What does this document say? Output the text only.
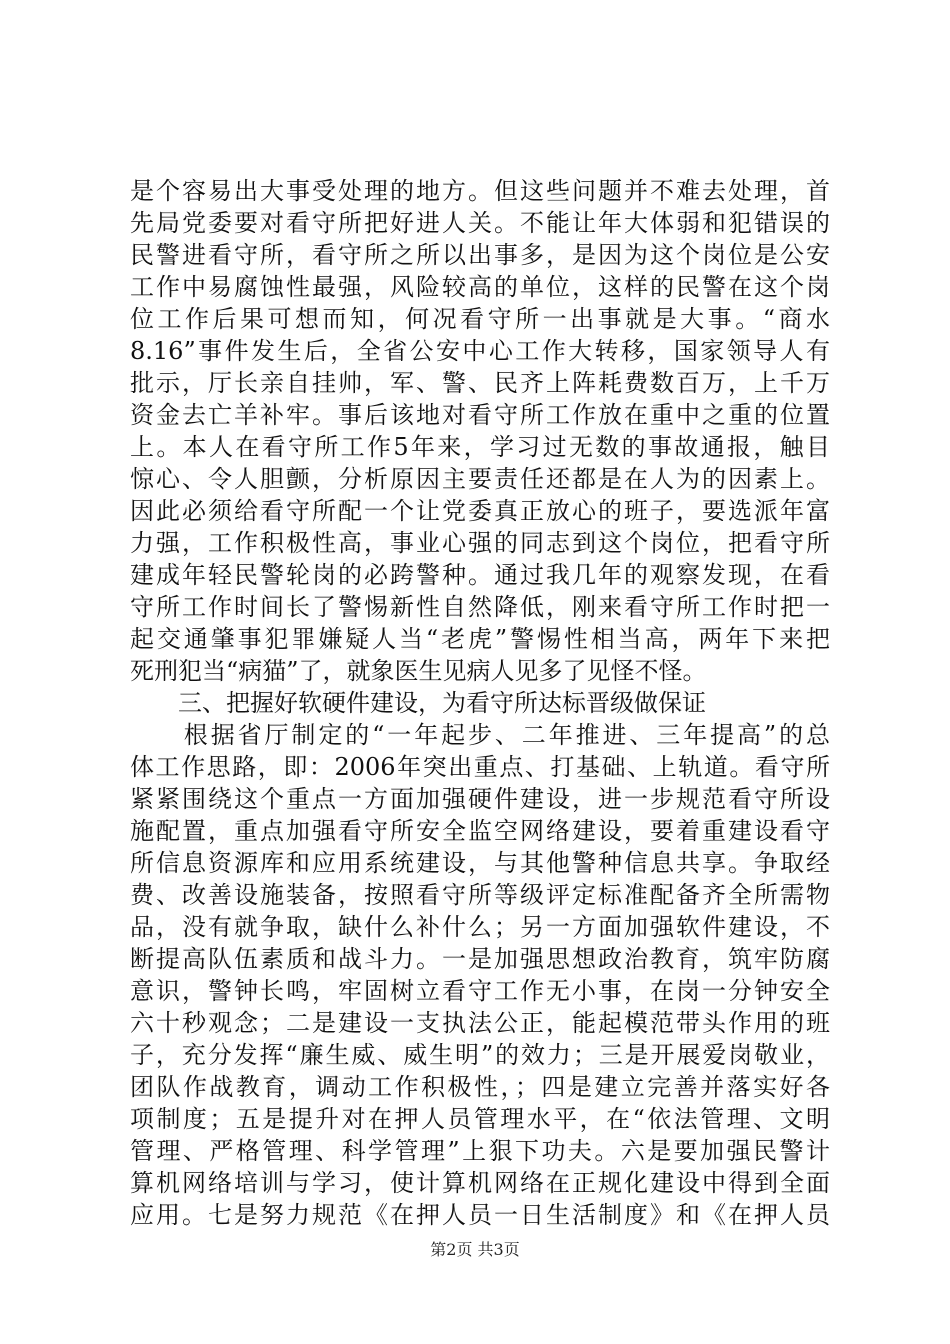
是个容易出大事受处理的地方。但这些问题并不难去处理，首
先局党委要对看守所把好进人关。不能让年大体弱和犯错误的
民警进看守所，看守所之所以出事多，是因为这个岗位是公安
工作中易腐蚀性最强，风险较高的单位，这样的民警在这个岗
位工作后果可想而知，何况看守所一出事就是大事。“商水
8.16”事件发生后，全省公安中心工作大转移，国家领导人有
批示，厅长亲自挂帅，军、警、民齐上阵耗费数百万，上千万
资金去亡羊补牢。事后该地对看守所工作放在重中之重的位置
上。本人在看守所工作5年来，学习过无数的事故通报，触目
惊心、令人胆颤，分析原因主要责任还都是在人为的因素上。
因此必须给看守所配一个让党委真正放心的班子，要选派年富
力强，工作积极性高，事业心强的同志到这个岗位，把看守所
建成年轻民警轮岗的必跨警种。通过我几年的观察发现，在看
守所工作时间长了警惕新性自然降低，刚来看守所工作时把一
起交通肇事犯罪嫌疑人当“老虎”警惕性相当高，两年下来把
死刑犯当“病猫”了，就象医生见病人见多了见怪不怪。
　　三、把握好软硬件建设，为看守所达标晋级做保证
　　根据省厅制定的“一年起步、二年推进、三年提高”的总
体工作思路，即：2006年突出重点、打基础、上轨道。看守所
紧紧围绕这个重点一方面加强硬件建设，进一步规范看守所设
施配置，重点加强看守所安全监空网络建设，要着重建设看守
所信息资源库和应用系统建设，与其他警种信息共享。争取经
费、改善设施装备，按照看守所等级评定标准配备齐全所需物
品，没有就争取，缺什么补什么；另一方面加强软件建设，不
断提高队伍素质和战斗力。一是加强思想政治教育，筑牢防腐
意识，警钟长鸣，牢固树立看守工作无小事，在岗一分钟安全
六十秒观念；二是建设一支执法公正，能起模范带头作用的班
子，充分发挥“廉生威、威生明”的效力；三是开展爱岗敬业，
团队作战教育，调动工作积极性，；四是建立完善并落实好各
项制度；五是提升对在押人员管理水平，在“依法管理、文明
管理、严格管理、科学管理”上狠下功夫。六是要加强民警计
算机网络培训与学习，使计算机网络在正规化建设中得到全面
应用。七是努力规范《在押人员一日生活制度》和《在押人员
第2页 共3页
